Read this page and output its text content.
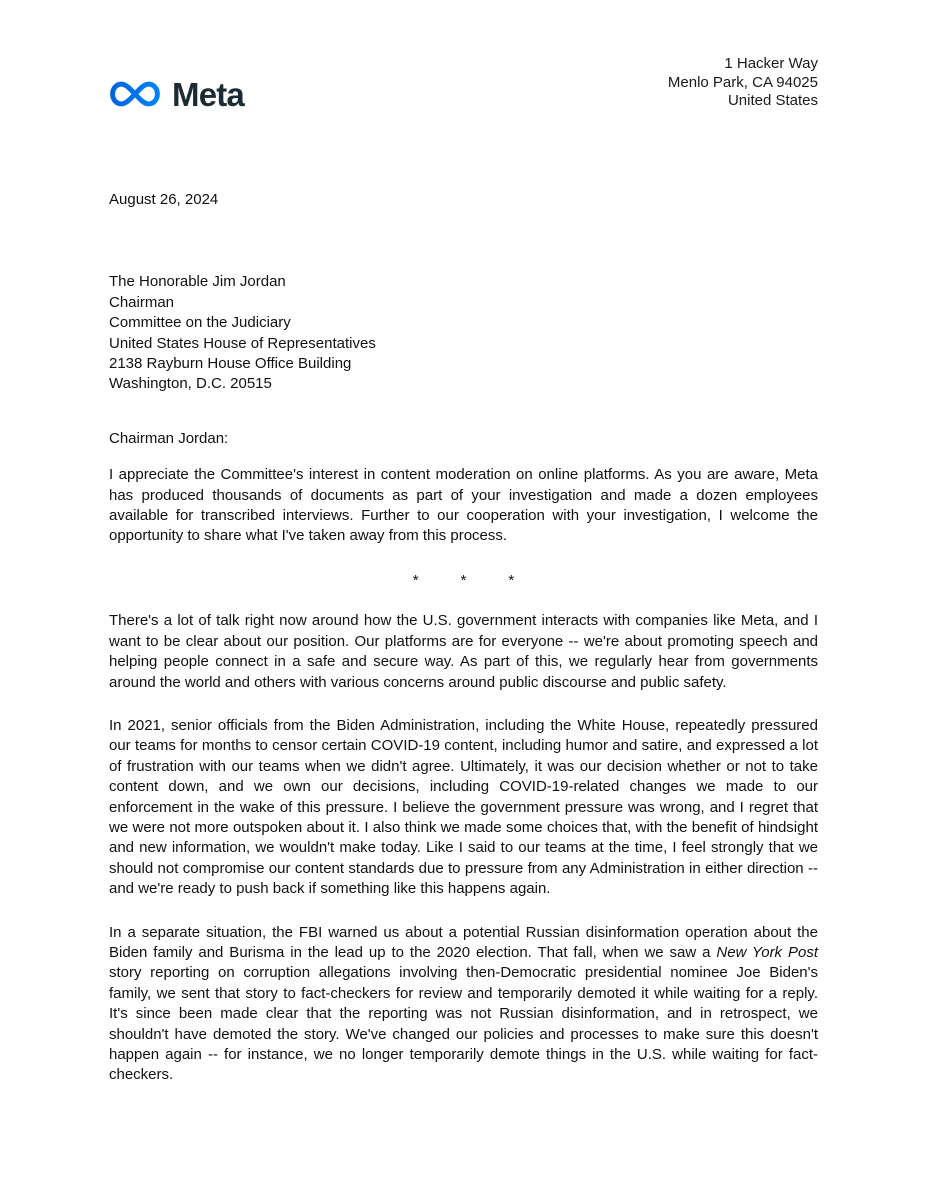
Meta
1 Hacker Way
Menlo Park, CA 94025
United States
August 26, 2024
The Honorable Jim Jordan
Chairman
Committee on the Judiciary
United States House of Representatives
2138 Rayburn House Office Building
Washington, D.C. 20515
Chairman Jordan:

I appreciate the Committee's interest in content moderation on online platforms. As you are aware, Meta has produced thousands of documents as part of your investigation and made a dozen employees available for transcribed interviews. Further to our cooperation with your investigation, I welcome the opportunity to share what I've taken away from this process.

*	*	*

There's a lot of talk right now around how the U.S. government interacts with companies like Meta, and I want to be clear about our position. Our platforms are for everyone -- we're about promoting speech and helping people connect in a safe and secure way. As part of this, we regularly hear from governments around the world and others with various concerns around public discourse and public safety.

In 2021, senior officials from the Biden Administration, including the White House, repeatedly pressured our teams for months to censor certain COVID-19 content, including humor and satire, and expressed a lot of frustration with our teams when we didn't agree. Ultimately, it was our decision whether or not to take content down, and we own our decisions, including COVID-19-related changes we made to our enforcement in the wake of this pressure. I believe the government pressure was wrong, and I regret that we were not more outspoken about it. I also think we made some choices that, with the benefit of hindsight and new information, we wouldn't make today. Like I said to our teams at the time, I feel strongly that we should not compromise our content standards due to pressure from any Administration in either direction -- and we're ready to push back if something like this happens again.

In a separate situation, the FBI warned us about a potential Russian disinformation operation about the Biden family and Burisma in the lead up to the 2020 election. That fall, when we saw a New York Post story reporting on corruption allegations involving then-Democratic presidential nominee Joe Biden's family, we sent that story to fact-checkers for review and temporarily demoted it while waiting for a reply. It's since been made clear that the reporting was not Russian disinformation, and in retrospect, we shouldn't have demoted the story. We've changed our policies and processes to make sure this doesn't happen again -- for instance, we no longer temporarily demote things in the U.S. while waiting for fact-checkers.
